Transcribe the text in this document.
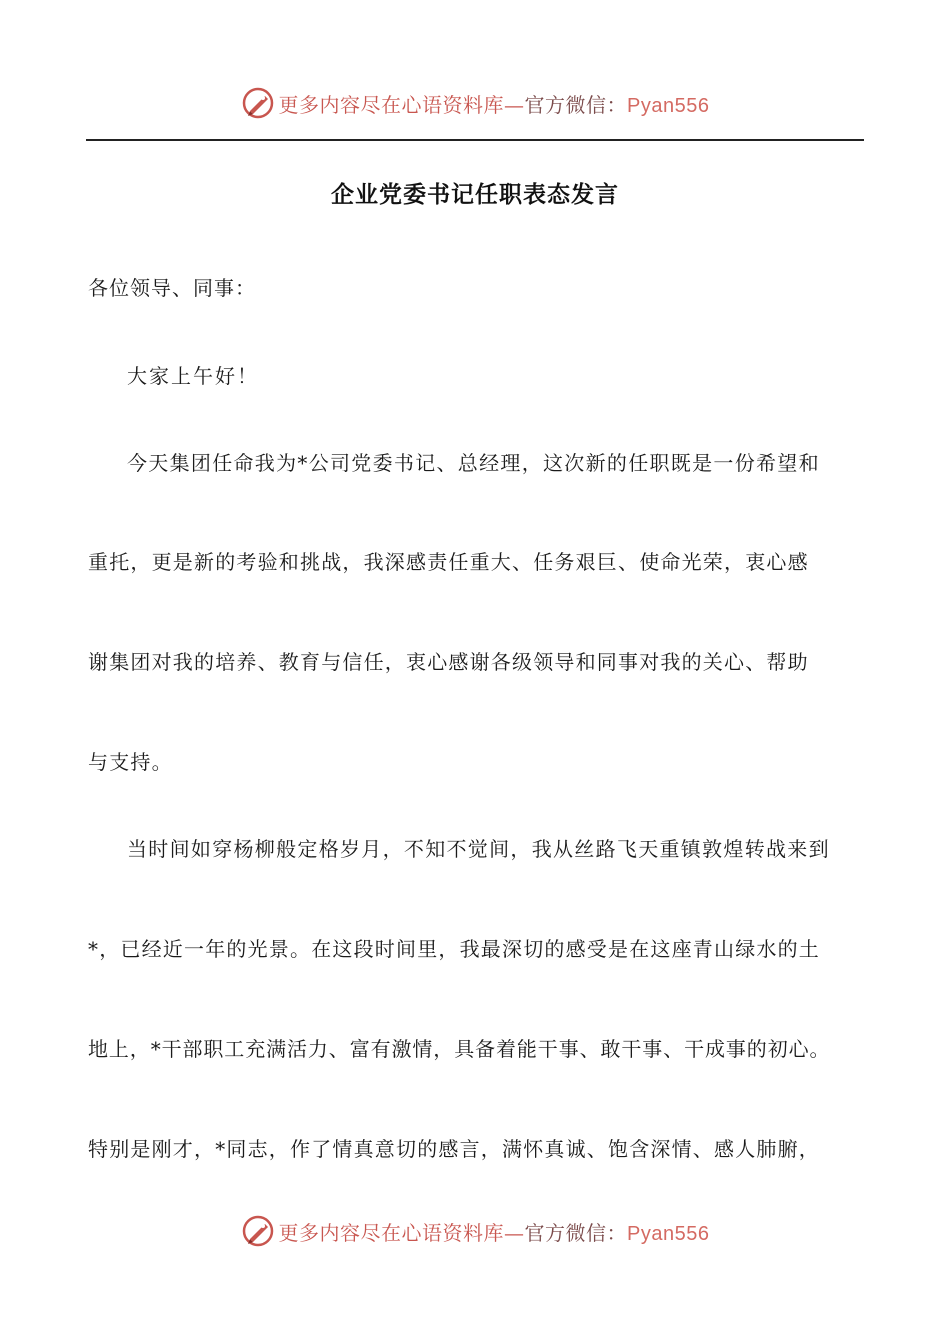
更多内容尽在心语资料库—官方微信：Pyan556
企业党委书记任职表态发言
各位领导、同事：
大家上午好！
今天集团任命我为*公司党委书记、总经理，这次新的任职既是一份希望和
重托，更是新的考验和挑战，我深感责任重大、任务艰巨、使命光荣，衷心感
谢集团对我的培养、教育与信任，衷心感谢各级领导和同事对我的关心、帮助
与支持。
当时间如穿杨柳般定格岁月，不知不觉间，我从丝路飞天重镇敦煌转战来到
*，已经近一年的光景。在这段时间里，我最深切的感受是在这座青山绿水的土
地上，*干部职工充满活力、富有激情，具备着能干事、敢干事、干成事的初心。
特别是刚才，*同志，作了情真意切的感言，满怀真诚、饱含深情、感人肺腑，
更多内容尽在心语资料库—官方微信：Pyan556
